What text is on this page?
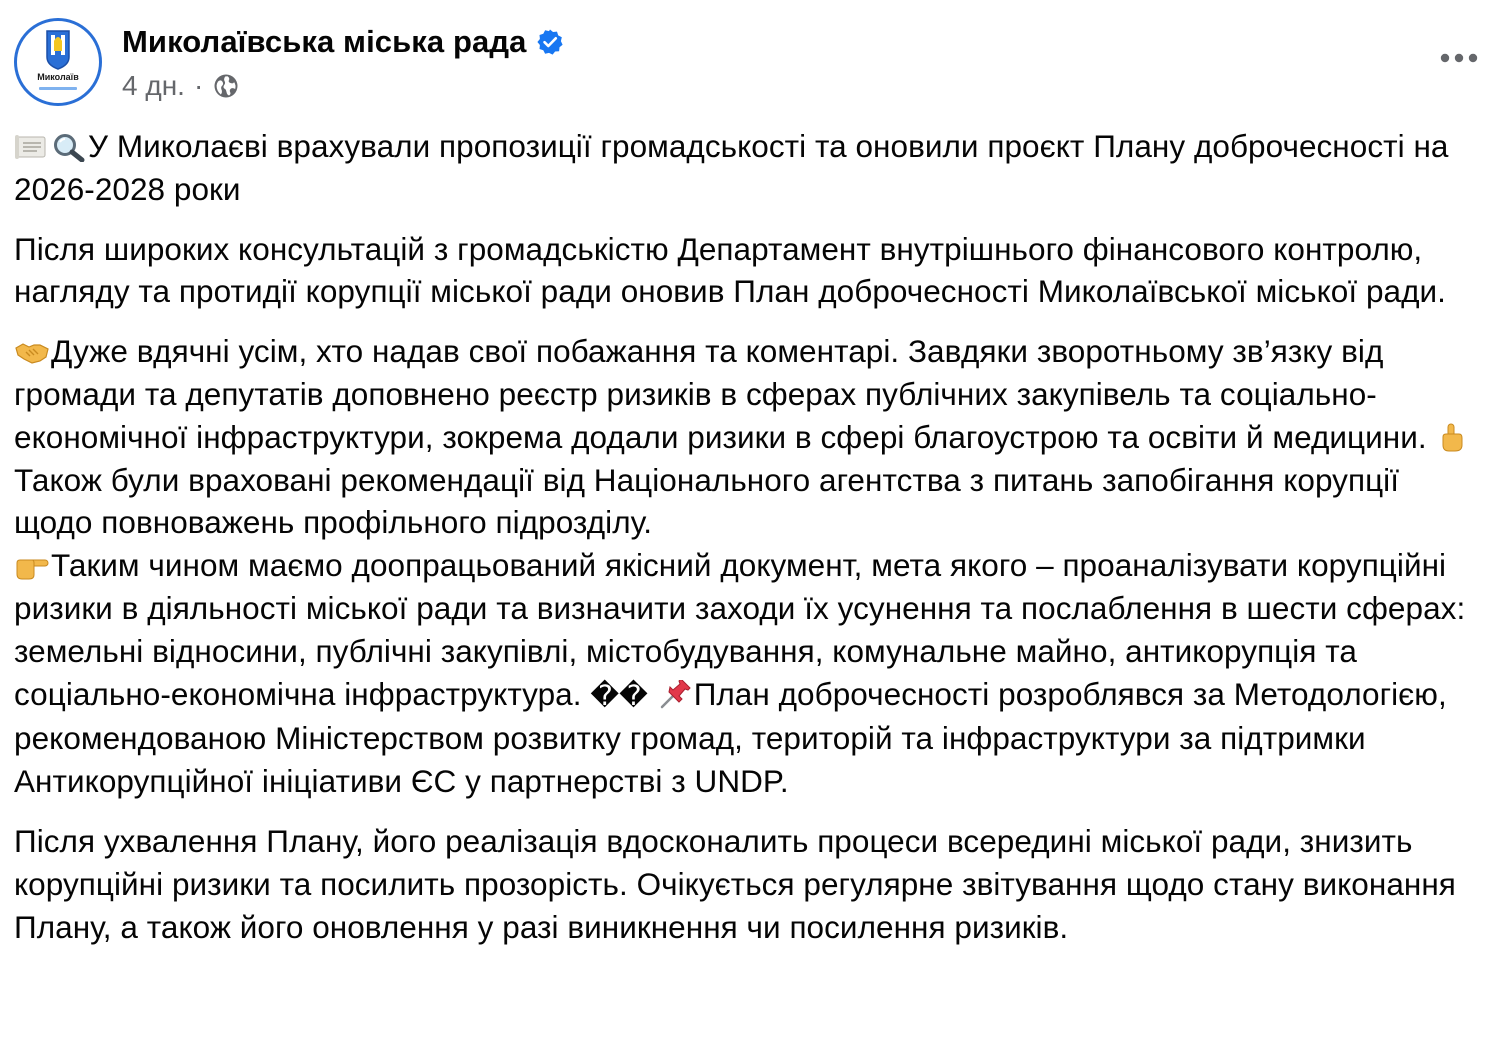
Миколаїв
Миколаївська міська рада
4 дн. ·

У Миколаєві врахували пропозиції громадськості та оновили проєкт Плану доброчесності на 2026-2028 роки

Після широких консультацій з громадськістю Департамент внутрішнього фінансового контролю, нагляду та протидії корупції міської ради оновив План доброчесності Миколаївської міської ради.

Дуже вдячні усім, хто надав свої побажання та коментарі. Завдяки зворотньому зв’язку від громади та депутатів доповнено реєстр ризиків в сферах публічних закупівель та соціально-економічної інфраструктури, зокрема додали ризики в сфері благоустрою та освіти й медицини.
Також були враховані рекомендації від Національного агентства з питань запобігання корупції щодо повноважень профільного підрозділу.

Таким чином маємо доопрацьований якісний документ, мета якого – проаналізувати корупційні ризики в діяльності міської ради та визначити заходи їх усунення та послаблення в шести сферах: земельні відносини, публічні закупівлі, містобудування, комунальне майно, антикорупція та соціально-економічна інфраструктура. �� План доброчесності розроблявся за Методологією, рекомендованою Міністерством розвитку громад, територій та інфраструктури за підтримки Антикорупційної ініціативи ЄС у партнерстві з UNDP.

Після ухвалення Плану, його реалізація вдосконалить процеси всередині міської ради, знизить корупційні ризики та посилить прозорість. Очікується регулярне звітування щодо стану виконання Плану, а також його оновлення у разі виникнення чи посилення ризиків.
